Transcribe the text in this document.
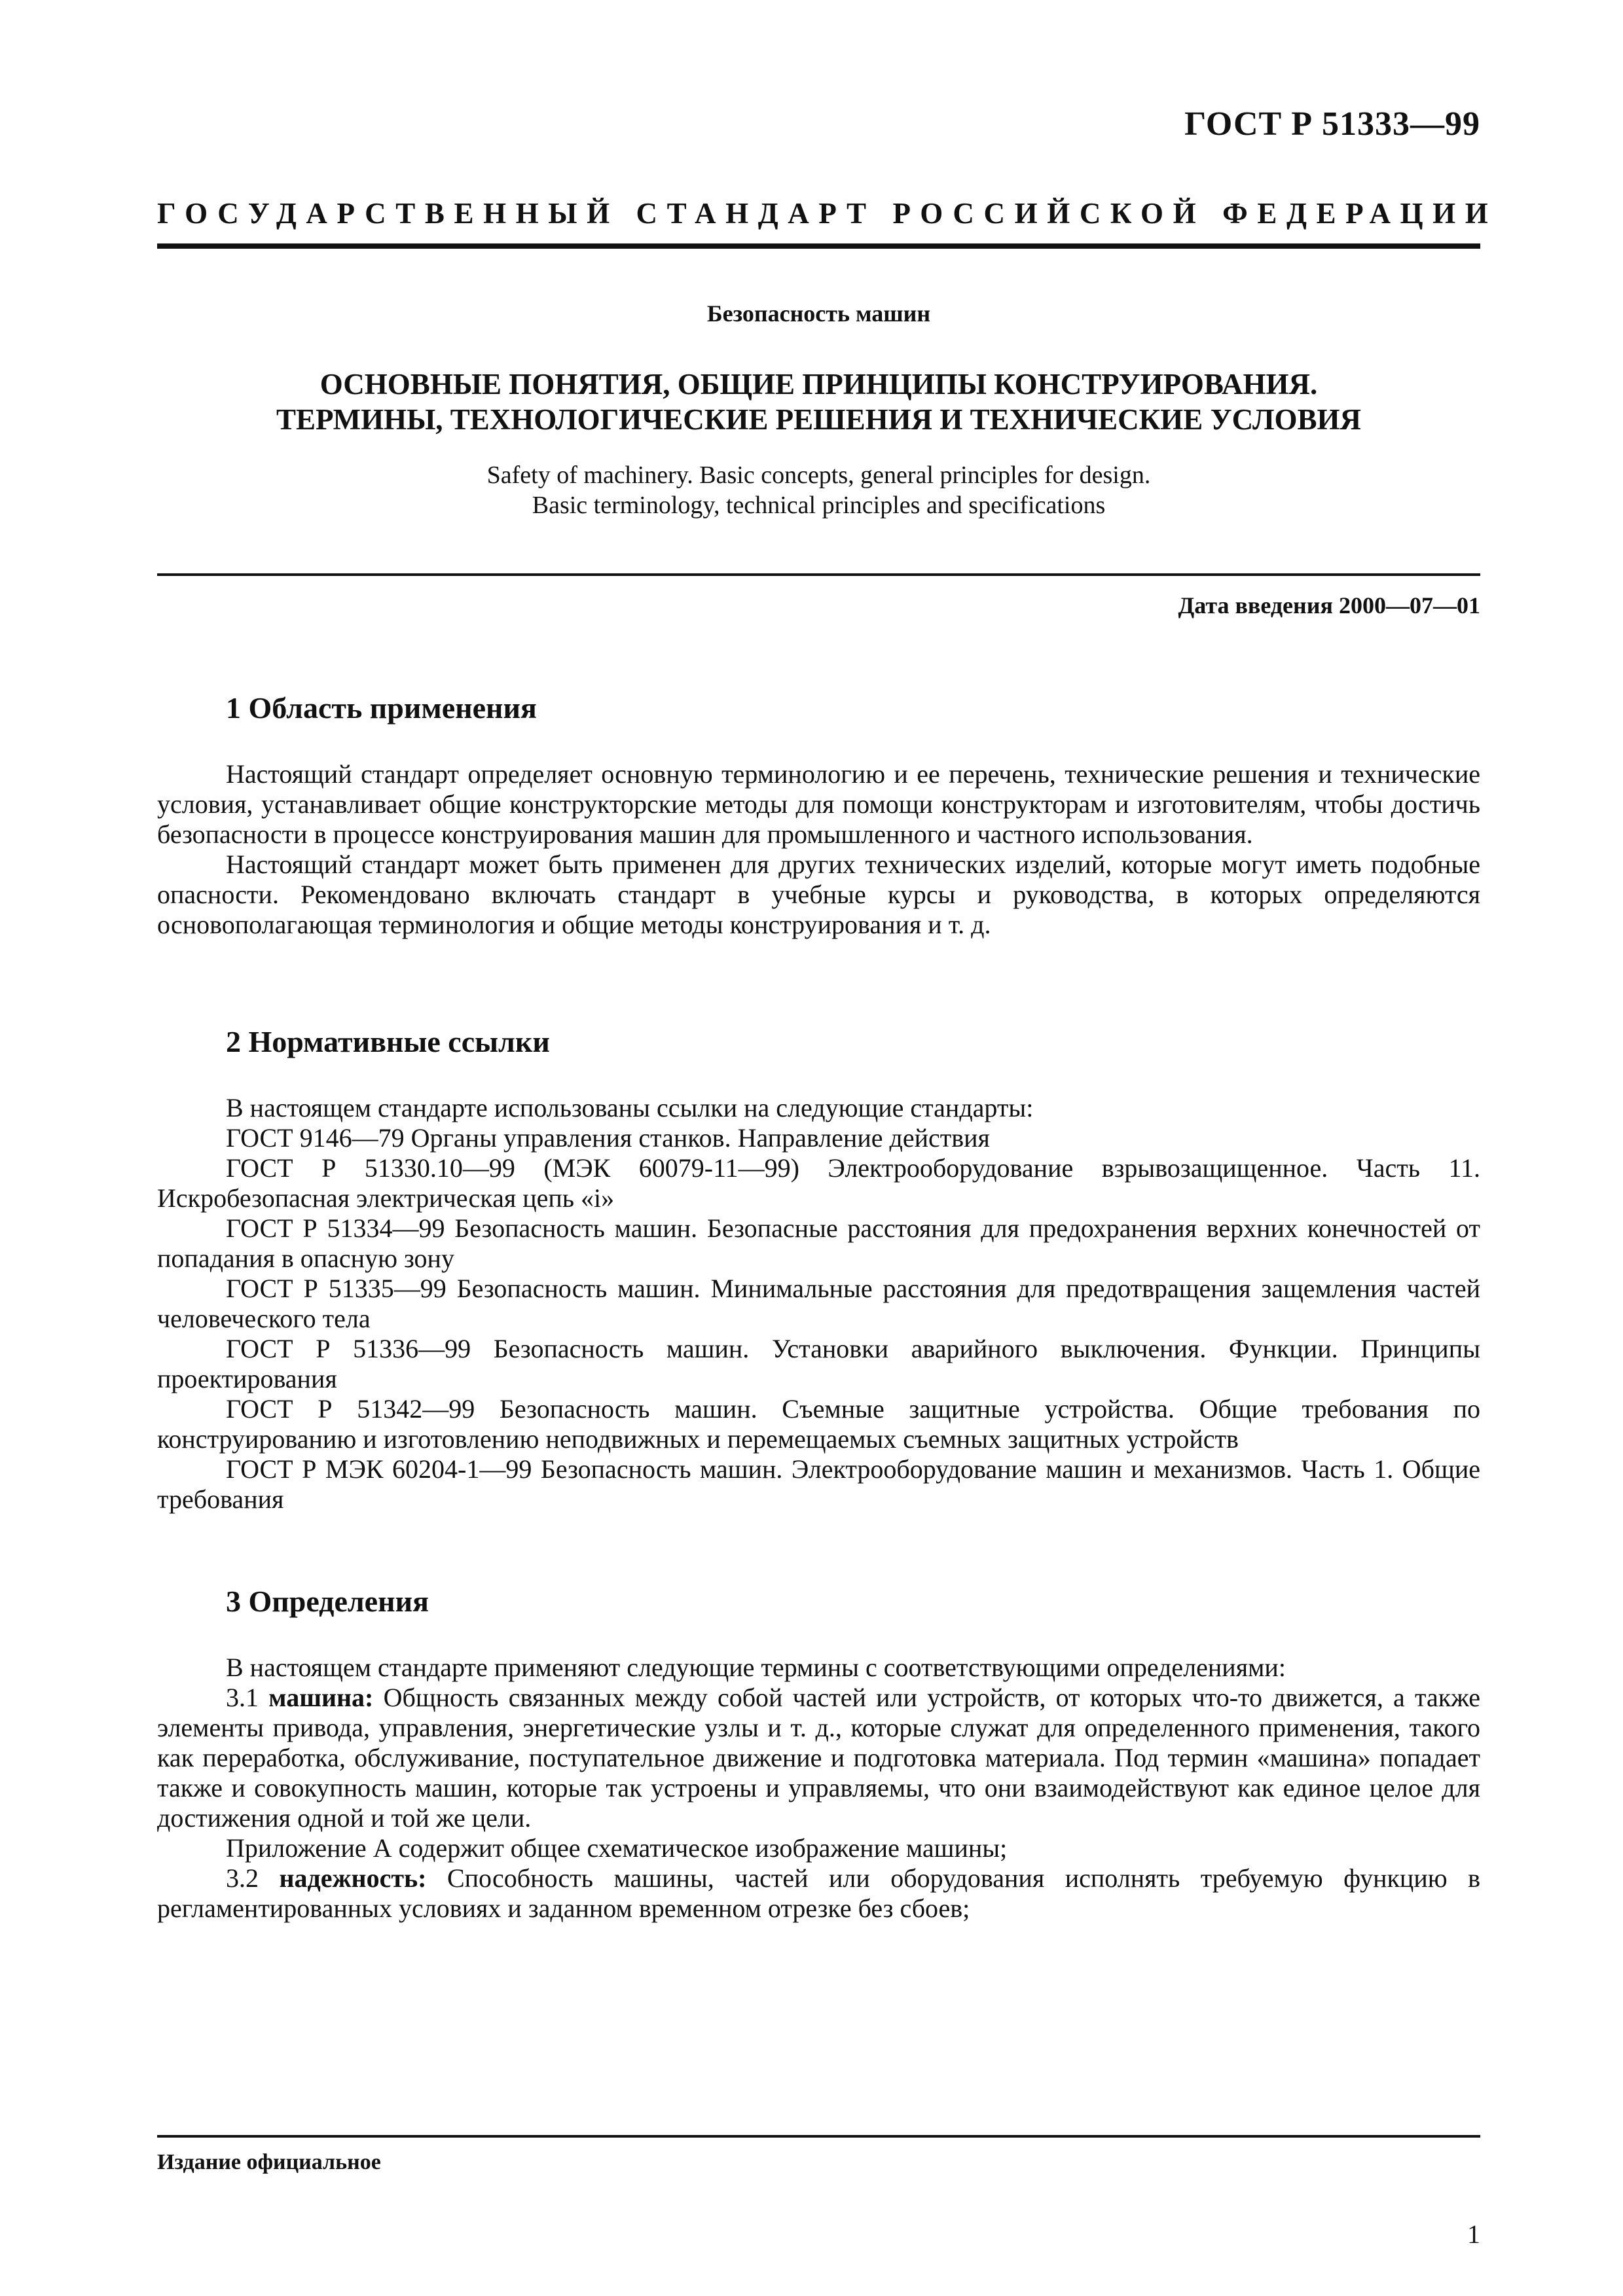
ГОСТ Р 51333—99
ГОСУДАРСТВЕННЫЙ СТАНДАРТ РОССИЙСКОЙ ФЕДЕРАЦИИ
Безопасность машин
ОСНОВНЫЕ ПОНЯТИЯ, ОБЩИЕ ПРИНЦИПЫ КОНСТРУИРОВАНИЯ.
ТЕРМИНЫ, ТЕХНОЛОГИЧЕСКИЕ РЕШЕНИЯ И ТЕХНИЧЕСКИЕ УСЛОВИЯ
Safety of machinery. Basic concepts, general principles for design.
Basic terminology, technical principles and specifications
Дата введения 2000—07—01
1 Область применения

Настоящий стандарт определяет основную терминологию и ее перечень, технические решения и технические условия, устанавливает общие конструкторские методы для помощи конструкторам и изготовителям, чтобы достичь безопасности в процессе конструирования машин для промышленного и частного использования.

Настоящий стандарт может быть применен для других технических изделий, которые могут иметь подобные опасности. Рекомендовано включать стандарт в учебные курсы и руководства, в которых определяются основополагающая терминология и общие методы конструирования и т. д.

2 Нормативные ссылки

В настоящем стандарте использованы ссылки на следующие стандарты:

ГОСТ 9146—79 Органы управления станков. Направление действия

ГОСТ Р 51330.10—99 (МЭК 60079-11—99) Электрооборудование взрывозащищенное. Часть 11. Искробезопасная электрическая цепь «i»

ГОСТ Р 51334—99 Безопасность машин. Безопасные расстояния для предохранения верхних конечностей от попадания в опасную зону

ГОСТ Р 51335—99 Безопасность машин. Минимальные расстояния для предотвращения защемления частей человеческого тела

ГОСТ Р 51336—99 Безопасность машин. Установки аварийного выключения. Функции. Принципы проектирования

ГОСТ Р 51342—99 Безопасность машин. Съемные защитные устройства. Общие требования по конструированию и изготовлению неподвижных и перемещаемых съемных защитных устройств

ГОСТ Р МЭК 60204-1—99 Безопасность машин. Электрооборудование машин и механизмов. Часть 1. Общие требования

3 Определения

В настоящем стандарте применяют следующие термины с соответствующими определениями:

3.1 машина: Общность связанных между собой частей или устройств, от которых что-то движется, а также элементы привода, управления, энергетические узлы и т. д., которые служат для определенного применения, такого как переработка, обслуживание, поступательное движение и подготовка материала. Под термин «машина» попадает также и совокупность машин, которые так устроены и управляемы, что они взаимодействуют как единое целое для достижения одной и той же цели.

Приложение А содержит общее схематическое изображение машины;

3.2 надежность: Способность машины, частей или оборудования исполнять требуемую функцию в регламентированных условиях и заданном временном отрезке без сбоев;

Издание официальное
1
